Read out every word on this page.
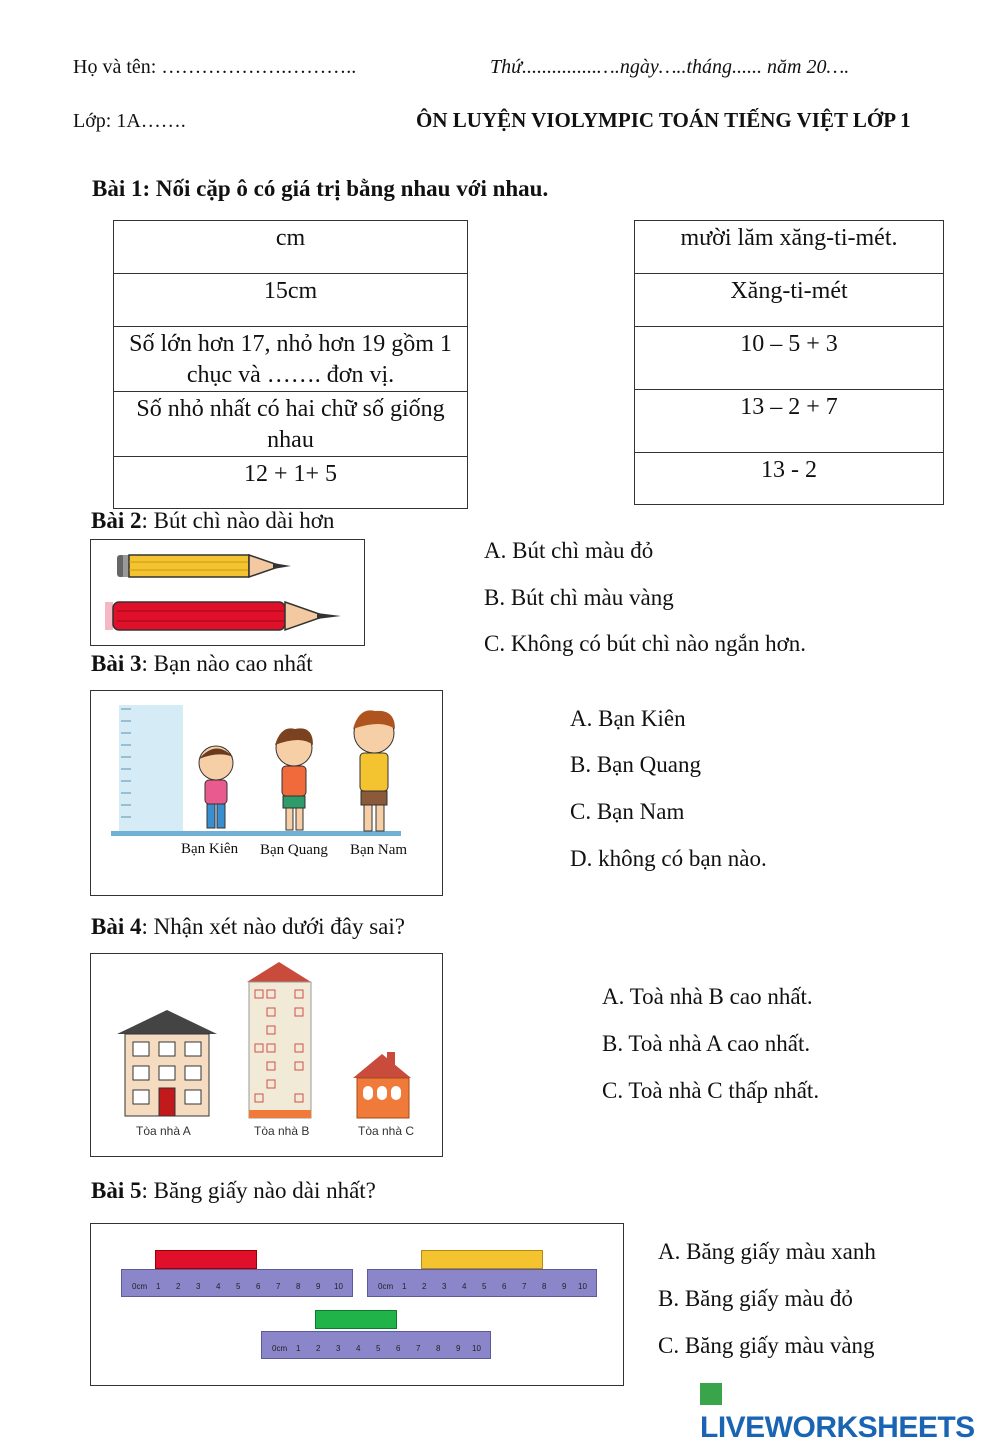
Họ và tên: ……………….………..	Thứ...............….ngày…..tháng...... năm 20….
Lớp: 1A…….	ÔN LUYỆN VIOLYMPIC TOÁN TIẾNG VIỆT LỚP 1
Bài 1: Nối cặp ô có giá trị bằng nhau với nhau.
cm
15cm
Số lớn hơn 17, nhỏ hơn 19 gồm 1 chục và ……. đơn vị.
Số nhỏ nhất có hai chữ số giống nhau
12 + 1+ 5
mười lăm xăng-ti-mét.
Xăng-ti-mét
10 – 5 + 3
13 – 2 + 7
13 - 2
Bài 2: Bút chì nào dài hơn
A. Bút chì màu đỏ
B. Bút chì màu vàng
C. Không có bút chì nào ngắn hơn.
Bài 3: Bạn nào cao nhất
Bạn Kiên Bạn Quang Bạn Nam
A. Bạn Kiên
B. Bạn Quang
C. Bạn Nam
D. không có bạn nào.
Bài 4: Nhận xét nào dưới đây sai?
Tòa nhà A	Tòa nhà B	Tòa nhà C
A. Toà nhà B cao nhất.
B. Toà nhà A cao nhất.
C. Toà nhà C thấp nhất.
Bài 5: Băng giấy nào dài nhất?
0cm 1 2 3 4 5 6 7 8 9 10	0cm 1 2 3 4 5 6 7 8 9 10
0cm 1 2 3 4 5 6 7 8 9 10
A. Băng giấy màu xanh
B. Băng giấy màu đỏ
C. Băng giấy màu vàng
LIVEWORKSHEETS
